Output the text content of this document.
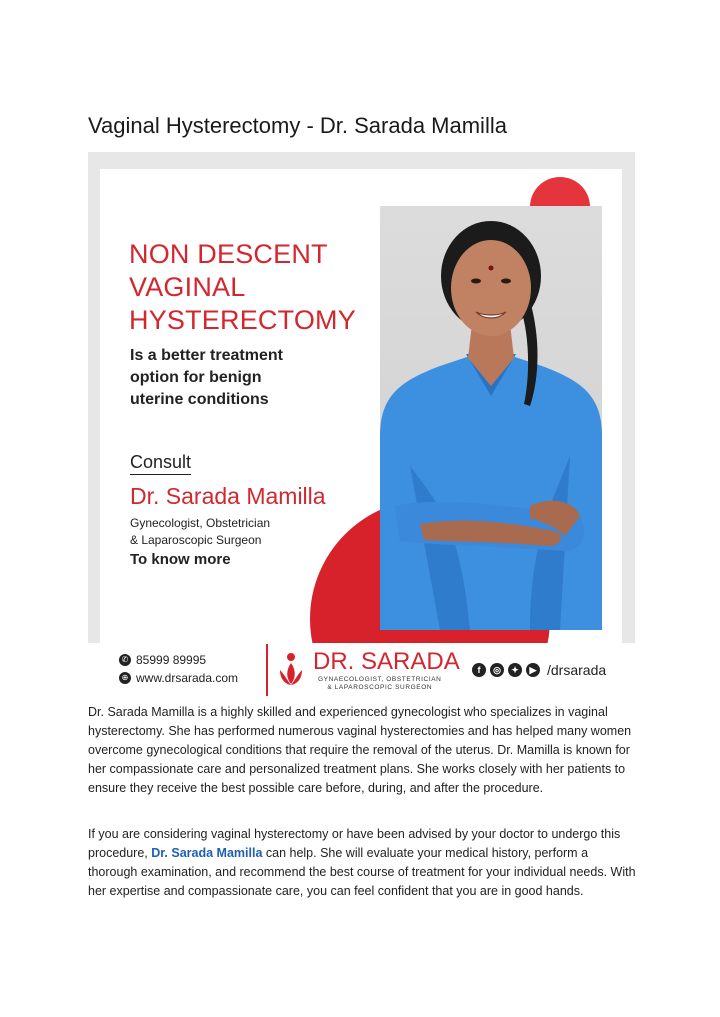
Vaginal Hysterectomy - Dr. Sarada Mamilla
NON DESCENT
VAGINAL
HYSTERECTOMY
Is a better treatment
option for benign
uterine conditions
Consult
Dr. Sarada Mamilla
Gynecologist, Obstetrician
& Laparoscopic Surgeon
To know more
✆ 85999 89995
⊕ www.drsarada.com
DR. SARADA
GYNAECOLOGIST, OBSTETRICIAN
& LAPAROSCOPIC SURGEON
f	◎	✦	▶ /drsarada

Dr. Sarada Mamilla is a highly skilled and experienced gynecologist who specializes in vaginal hysterectomy. She has performed numerous vaginal hysterectomies and has helped many women overcome gynecological conditions that require the removal of the uterus. Dr. Mamilla is known for her compassionate care and personalized treatment plans. She works closely with her patients to ensure they receive the best possible care before, during, and after the procedure.

If you are considering vaginal hysterectomy or have been advised by your doctor to undergo this procedure, Dr. Sarada Mamilla can help. She will evaluate your medical history, perform a thorough examination, and recommend the best course of treatment for your individual needs. With her expertise and compassionate care, you can feel confident that you are in good hands.
